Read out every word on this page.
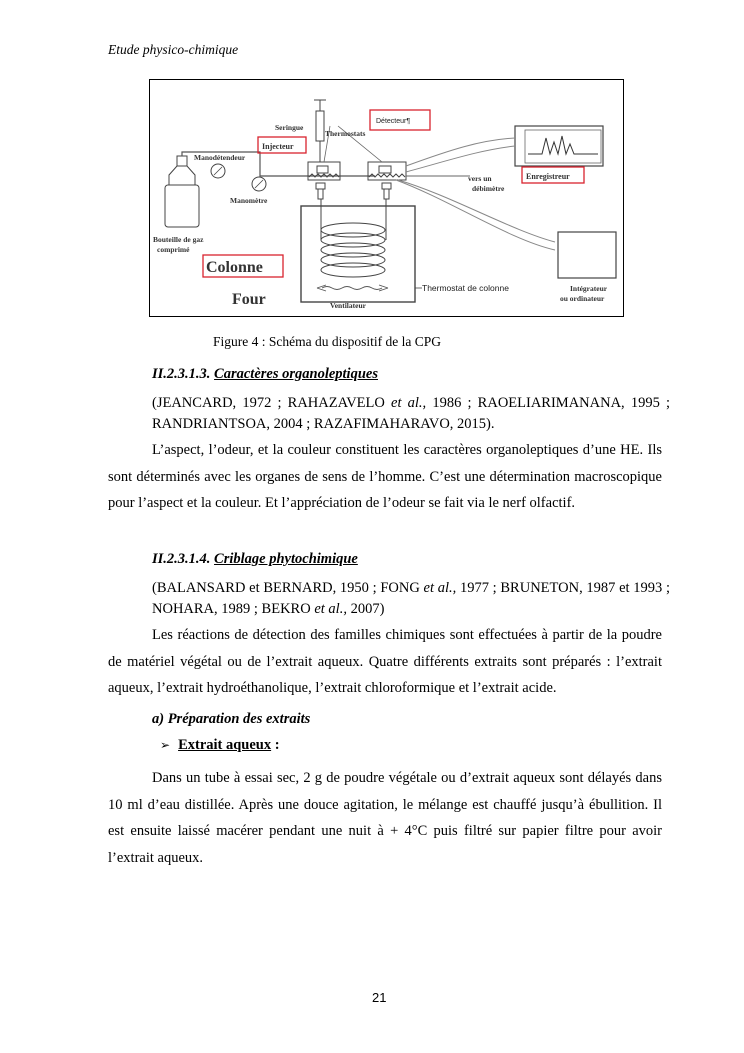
Etude physico-chimique
Seringue
Thermostats
Détecteur¶
Manodétendeur
Injecteur
Manomètre
Bouteille de gaz
comprimé
Colonne
Four	Ventilateur
Thermostat de colonne
vers un
débimètre
Enregistreur
Intégrateur
ou ordinateur
Figure 4 : Schéma du dispositif de la CPG
II.2.3.1.3. Caractères organoleptiques
(JEANCARD, 1972 ; RAHAZAVELO et al., 1986 ; RAOELIARIMANANA, 1995 ; RANDRIANTSOA, 2004 ; RAZAFIMAHARAVO, 2015).
L’aspect, l’odeur, et la couleur constituent les caractères organoleptiques d’une HE. Ils sont déterminés avec les organes de sens de l’homme. C’est une détermination macroscopique pour l’aspect et la couleur. Et l’appréciation de l’odeur se fait via le nerf olfactif.
II.2.3.1.4. Criblage phytochimique
(BALANSARD et BERNARD, 1950 ; FONG et al., 1977 ; BRUNETON, 1987 et 1993 ; NOHARA, 1989 ; BEKRO et al., 2007)
Les réactions de détection des familles chimiques sont effectuées à partir de la poudre de matériel végétal ou de l’extrait aqueux. Quatre différents extraits sont préparés : l’extrait aqueux, l’extrait hydroéthanolique, l’extrait chloroformique et l’extrait acide.
a) Préparation des extraits
➢ Extrait aqueux :
Dans un tube à essai sec, 2 g de poudre végétale ou d’extrait aqueux sont délayés dans 10 ml d’eau distillée. Après une douce agitation, le mélange est chauffé jusqu’à ébullition. Il est ensuite laissé macérer pendant une nuit à + 4°C puis filtré sur papier filtre pour avoir l’extrait aqueux.
21
